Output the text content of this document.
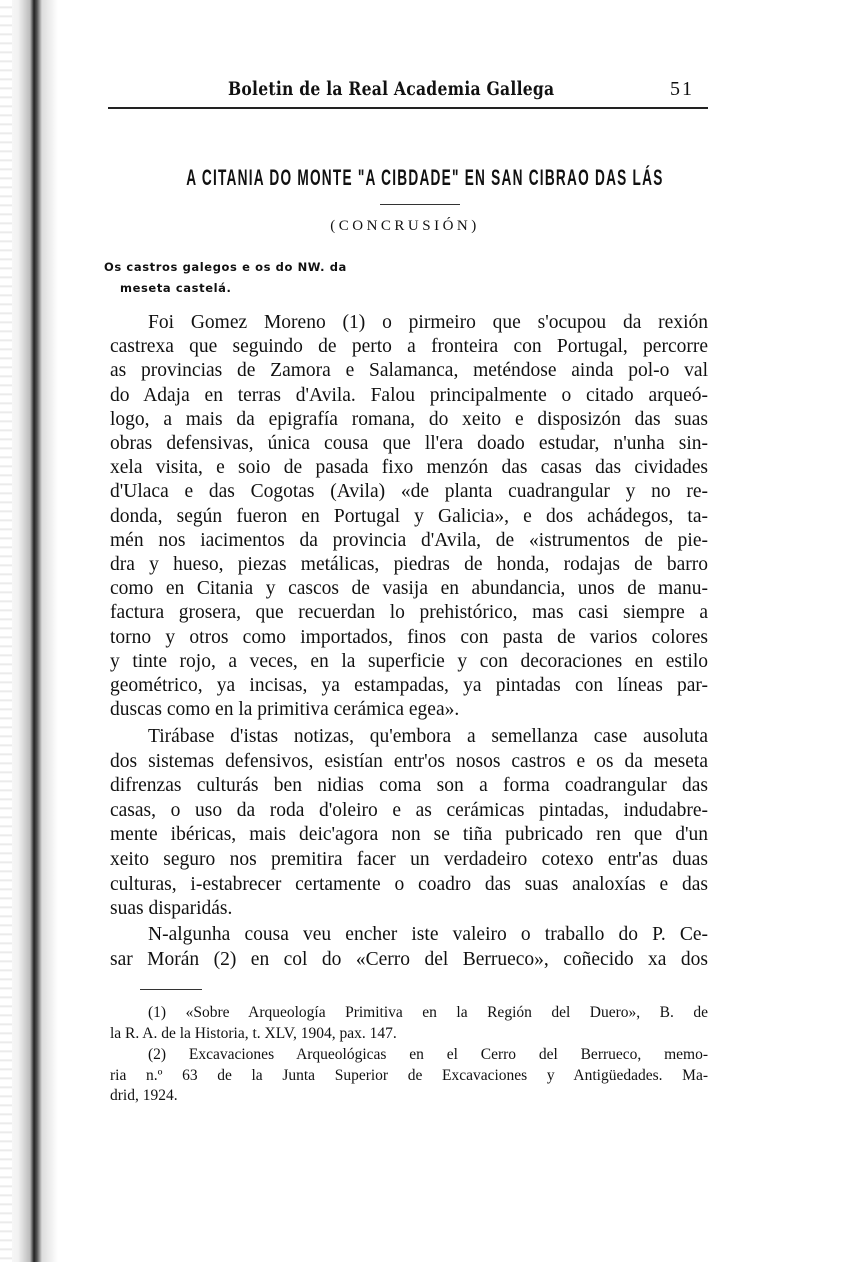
Boletin de la Real Academia Gallega	51
A CITANIA DO MONTE "A CIBDADE" EN SAN CIBRAO DAS LÁS
(CONCRUSIÓN)
Os castros galegos e os do NW. da
meseta castelá.
Foi Gomez Moreno (1) o pirmeiro que s'ocupou da rexión
castrexa que seguindo de perto a fronteira con Portugal, percorre
as provincias de Zamora e Salamanca, meténdose ainda pol-o val
do Adaja en terras d'Avila. Falou principalmente o citado arqueó-
logo, a mais da epigrafía romana, do xeito e disposizón das suas
obras defensivas, única cousa que ll'era doado estudar, n'unha sin-
xela visita, e soio de pasada fixo menzón das casas das cividades
d'Ulaca e das Cogotas (Avila) «de planta cuadrangular y no re-
donda, según fueron en Portugal y Galicia», e dos achádegos, ta-
mén nos iacimentos da provincia d'Avila, de «istrumentos de pie-
dra y hueso, piezas metálicas, piedras de honda, rodajas de barro
como en Citania y cascos de vasija en abundancia, unos de manu-
factura grosera, que recuerdan lo prehistórico, mas casi siempre a
torno y otros como importados, finos con pasta de varios colores
y tinte rojo, a veces, en la superficie y con decoraciones en estilo
geométrico, ya incisas, ya estampadas, ya pintadas con líneas par-
duscas como en la primitiva cerámica egea».
Tirábase d'istas notizas, qu'embora a semellanza case ausoluta
dos sistemas defensivos, esistían entr'os nosos castros e os da meseta
difrenzas culturás ben nidias coma son a forma coadrangular das
casas, o uso da roda d'oleiro e as cerámicas pintadas, indudabre-
mente ibéricas, mais deic'agora non se tiña pubricado ren que d'un
xeito seguro nos premitira facer un verdadeiro cotexo entr'as duas
culturas, i-estabrecer certamente o coadro das suas analoxías e das
suas disparidás.
N-algunha cousa veu encher iste valeiro o traballo do P. Ce-
sar Morán (2) en col do «Cerro del Berrueco», coñecido xa dos
(1) «Sobre Arqueología Primitiva en la Región del Duero», B. de
la R. A. de la Historia, t. XLV, 1904, pax. 147.
(2) Excavaciones Arqueológicas en el Cerro del Berrueco, memo-
ria n.º 63 de la Junta Superior de Excavaciones y Antigüedades. Ma-
drid, 1924.
